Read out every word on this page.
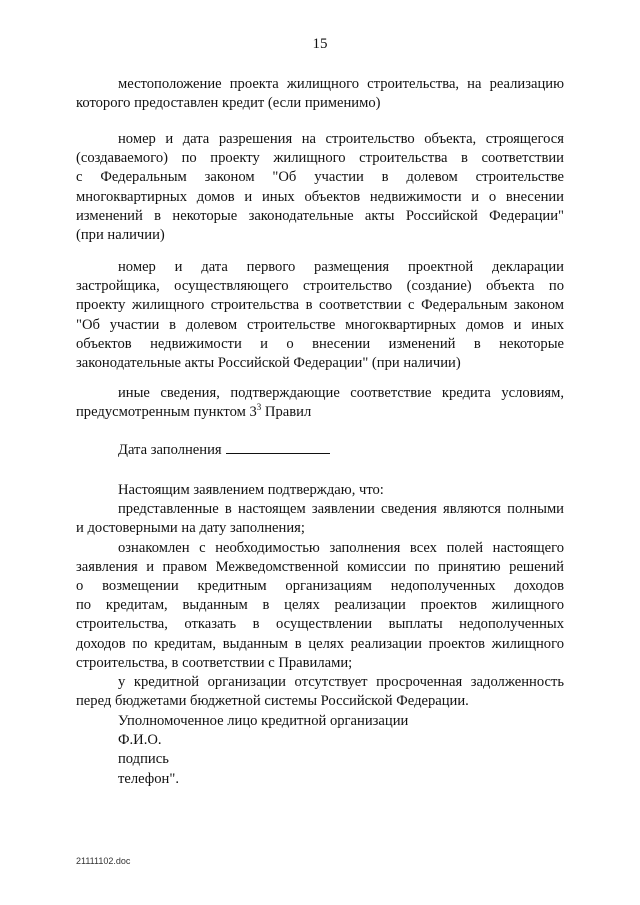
15
местоположение проекта жилищного строительства, на реализацию
которого предоставлен кредит (если применимо)
номер и дата разрешения на строительство объекта, строящегося
(создаваемого) по проекту жилищного строительства в соответствии
с Федеральным законом "Об участии в долевом строительстве
многоквартирных домов и иных объектов недвижимости и о внесении
изменений в некоторые законодательные акты Российской Федерации"
(при наличии)
номер и дата первого размещения проектной декларации
застройщика, осуществляющего строительство (создание) объекта по
проекту жилищного строительства в соответствии с Федеральным законом
"Об участии в долевом строительстве многоквартирных домов и иных
объектов недвижимости и о внесении изменений в некоторые
законодательные акты Российской Федерации" (при наличии)
иные сведения, подтверждающие соответствие кредита условиям,
предусмотренным пунктом $3^3$ Правил
Дата заполнения
Настоящим заявлением подтверждаю, что:
представленные в настоящем заявлении сведения являются полными
и достоверными на дату заполнения;
ознакомлен с необходимостью заполнения всех полей настоящего
заявления и правом Межведомственной комиссии по принятию решений
о возмещении кредитным организациям недополученных доходов
по кредитам, выданным в целях реализации проектов жилищного
строительства, отказать в осуществлении выплаты недополученных
доходов по кредитам, выданным в целях реализации проектов жилищного
строительства, в соответствии с Правилами;
у кредитной организации отсутствует просроченная задолженность
перед бюджетами бюджетной системы Российской Федерации.
Уполномоченное лицо кредитной организации
Ф.И.О.
подпись
телефон".
21111102.doc
